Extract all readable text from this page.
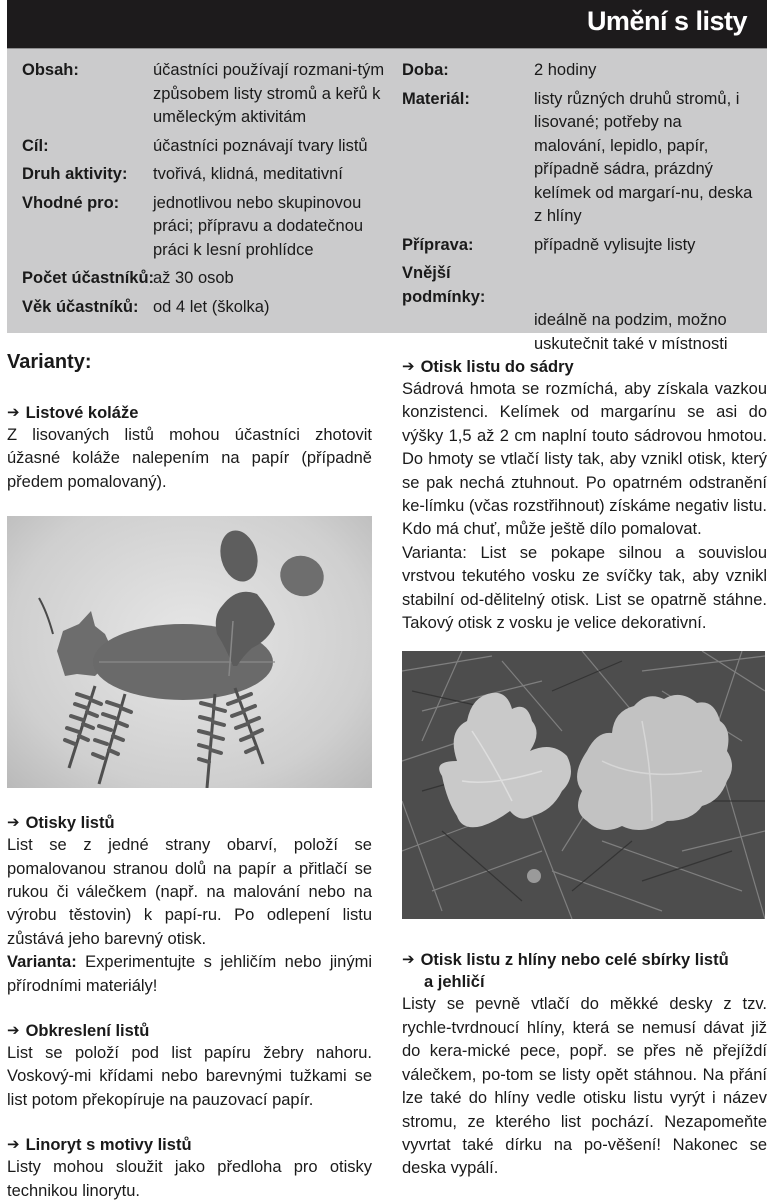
Umění s listy
Obsah:	účastníci používají rozmani-tým způsobem listy stromů a keřů k uměleckým aktivitám
Cíl:	účastníci poznávají tvary listů
Druh aktivity:	tvořivá, klidná, meditativní
Vhodné pro:	jednotlivou nebo skupinovou práci; přípravu a dodatečnou práci k lesní prohlídce
Počet účastníků:
až 30 osob
Věk účastníků: od 4 let (školka)
Doba:	2 hodiny
Materiál:	listy různých druhů stromů, i lisované; potřeby na malování, lepidlo, papír, případně sádra, prázdný kelímek od margarí-nu, deska z hlíny
Příprava:	případně vylisujte listy
Vnější podmínky:
ideálně na podzim, možno uskutečnit také v místnosti
Varianty:
➔ Listové koláže

Z lisovaných listů mohou účastníci zhotovit úžasné koláže nalepením na papír (případně předem pomalovaný).

➔ Otisky listů

List se z jedné strany obarví, položí se pomalovanou stranou dolů na papír a přitlačí se rukou či válečkem (např. na malování nebo na výrobu těstovin) k papí-ru. Po odlepení listu zůstává jeho barevný otisk.

Varianta: Experimentujte s jehličím nebo jinými přírodními materiály!

➔ Obkreslení listů

List se položí pod list papíru žebry nahoru. Voskový-mi křídami nebo barevnými tužkami se list potom překopíruje na pauzovací papír.

➔ Linoryt s motivy listů

Listy mohou sloužit jako předloha pro otisky technikou linorytu.

➔ Otisk listu do sádry

Sádrová hmota se rozmíchá, aby získala vazkou konzistenci. Kelímek od margarínu se asi do výšky 1,5 až 2 cm naplní touto sádrovou hmotou. Do hmoty se vtlačí listy tak, aby vznikl otisk, který se pak nechá ztuhnout. Po opatrném odstranění ke-límku (včas rozstřihnout) získáme negativ listu. Kdo má chuť, může ještě dílo pomalovat.

Varianta: List se pokape silnou a souvislou vrstvou tekutého vosku ze svíčky tak, aby vznikl stabilní od-dělitelný otisk. List se opatrně stáhne. Takový otisk z vosku je velice dekorativní.

➔ Otisk listu z hlíny nebo celé sbírky listů
a jehličí

Listy se pevně vtlačí do měkké desky z tzv. rychle-tvrdnoucí hlíny, která se nemusí dávat již do kera-mické pece, popř. se přes ně přejíždí válečkem, po-tom se listy opět stáhnou. Na přání lze také do hlíny vedle otisku listu vyrýt i název stromu, ze kterého list pochází. Nezapomeňte vyvrtat také dírku na po-věšení! Nakonec se deska vypálí.
